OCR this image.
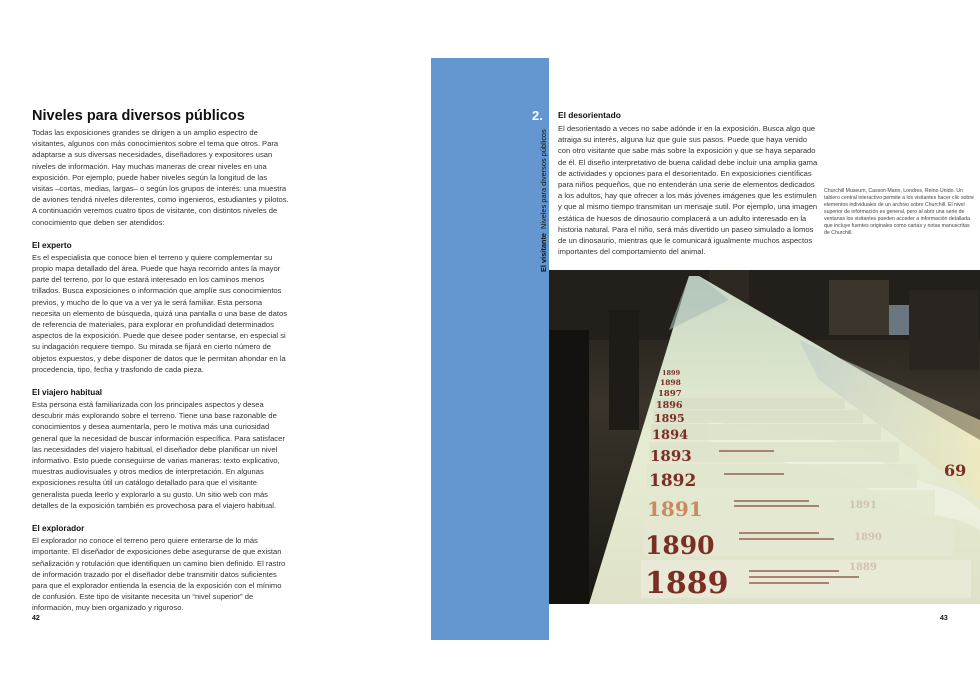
Niveles para diversos públicos

Todas las exposiciones grandes se dirigen a un amplio espectro de visitantes, algunos con más conocimientos sobre el tema que otros. Para adaptarse a sus diversas necesidades, diseñadores y expositores usan niveles de información. Hay muchas maneras de crear niveles en una exposición. Por ejemplo, puede haber niveles según la longitud de las visitas –cortas, medias, largas– o según los grupos de interés: una muestra de aviones tendrá niveles diferentes, como ingenieros, estudiantes y pilotos. A continuación veremos cuatro tipos de visitante, con distintos niveles de conocimiento que deben ser atendidos:

El experto

Es el especialista que conoce bien el terreno y quiere complementar su propio mapa detallado del área. Puede que haya recorrido antes la mayor parte del terreno, por lo que estará interesado en los caminos menos trillados. Busca exposiciones o información que amplíe sus conocimientos previos, y mucho de lo que va a ver ya le será familiar. Esta persona necesita un elemento de búsqueda, quizá una pantalla o una base de datos de referencia de materiales, para explorar en profundidad determinados aspectos de la exposición. Puede que desee poder sentarse, en especial si su indagación requiere tiempo. Su mirada se fijará en cierto número de objetos expuestos, y debe disponer de datos que le permitan ahondar en la procedencia, tipo, fecha y trasfondo de cada pieza.

El viajero habitual

Esta persona está familiarizada con los principales aspectos y desea descubrir más explorando sobre el terreno. Tiene una base razonable de conocimientos y desea aumentarla, pero le motiva más una curiosidad general que la necesidad de buscar información específica. Para satisfacer las necesidades del viajero habitual, el diseñador debe planificar un nivel informativo. Esto puede conseguirse de varias maneras: texto explicativo, muestras audiovisuales y otros medios de interpretación. En algunas exposiciones resulta útil un catálogo detallado para que el visitante generalista pueda leerlo y explorarlo a su gusto. Un sitio web con más detalles de la exposición también es provechosa para el viajero habitual.

El explorador

El explorador no conoce el terreno pero quiere enterarse de lo más importante. El diseñador de exposiciones debe asegurarse de que existan señalización y rotulación que identifiquen un camino bien definido. El rastro de información trazado por el diseñador debe transmitir datos suficientes para que el explorador entienda la esencia de la exposición con el mínimo de confusión. Este tipo de visitante necesita un “nivel superior” de información, muy bien organizado y riguroso.

42
2.
El visitanteNiveles para diversos públicos
El desorientado

El desorientado a veces no sabe adónde ir en la exposición. Busca algo que atraiga su interés, alguna luz que guíe sus pasos. Puede que haya venido con otro visitante que sabe más sobre la exposición y que se haya separado de él. El diseño interpretativo de buena calidad debe incluir una amplia gama de actividades y opciones para el desorientado. En exposiciones científicas para niños pequeños, que no entenderán una serie de elementos dedicados a los adultos, hay que ofrecer a los más jóvenes imágenes que les estimulen y que al mismo tiempo transmitan un mensaje sutil. Por ejemplo, una imagen estática de huesos de dinosaurio complacerá a un adulto interesado en la historia natural. Para el niño, será más divertido un paseo simulado a lomos de un dinosaurio, mientras que le comunicará igualmente muchos aspectos importantes del comportamiento del animal.

Churchill Museum, Casson Mann, Londres, Reino Unido. Un tablero central interactivo permite a los visitantes hacer clic sobre elementos individuales de un archivo sobre Churchill. El nivel superior de información es general, pero al abrir una serie de ventanas los visitantes pueden acceder a información detallada que incluye fuentes originales como cartas y notas manuscritas de Churchill.

1889
1890
1891
1892
1893
1894
1895
1896
1897
1898
1899
69
1889
1890
1891
43
